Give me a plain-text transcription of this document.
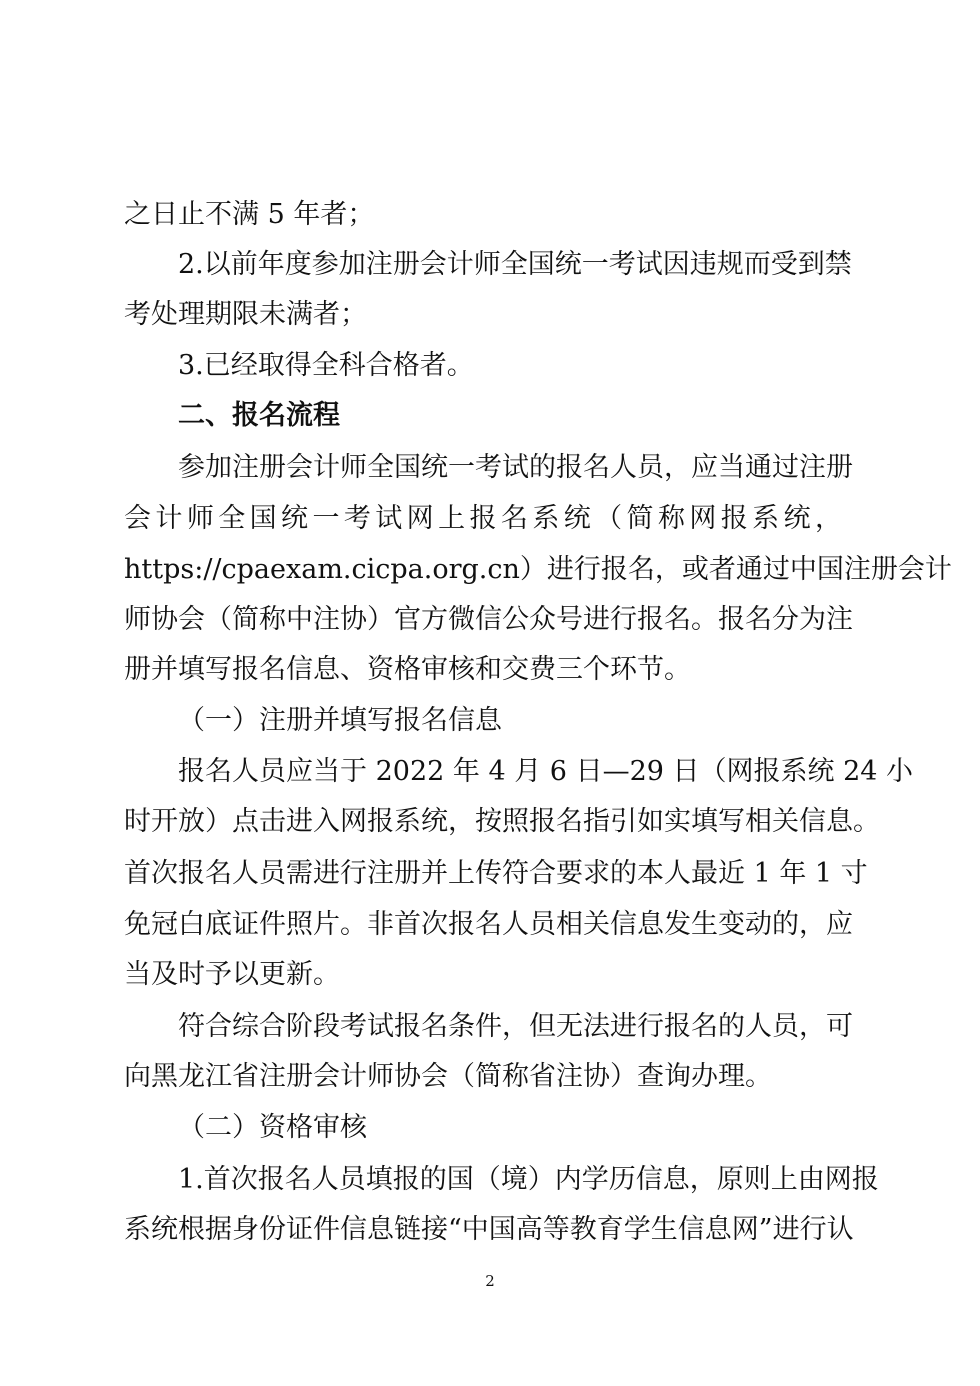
之日止不满 5 年者；
2.以前年度参加注册会计师全国统一考试因违规而受到禁
考处理期限未满者；
3.已经取得全科合格者。
二、报名流程
参加注册会计师全国统一考试的报名人员，应当通过注册
会计师全国统一考试网上报名系统（简称网报系统，
https://cpaexam.cicpa.org.cn）进行报名，或者通过中国注册会计
师协会（简称中注协）官方微信公众号进行报名。报名分为注
册并填写报名信息、资格审核和交费三个环节。
（一）注册并填写报名信息
报名人员应当于 2022 年 4 月 6 日—29 日（网报系统 24 小
时开放）点击进入网报系统，按照报名指引如实填写相关信息。
首次报名人员需进行注册并上传符合要求的本人最近 1 年 1 寸
免冠白底证件照片。非首次报名人员相关信息发生变动的，应
当及时予以更新。
符合综合阶段考试报名条件，但无法进行报名的人员，可
向黑龙江省注册会计师协会（简称省注协）查询办理。
（二）资格审核
1.首次报名人员填报的国（境）内学历信息，原则上由网报
系统根据身份证件信息链接“中国高等教育学生信息网”进行认
2
